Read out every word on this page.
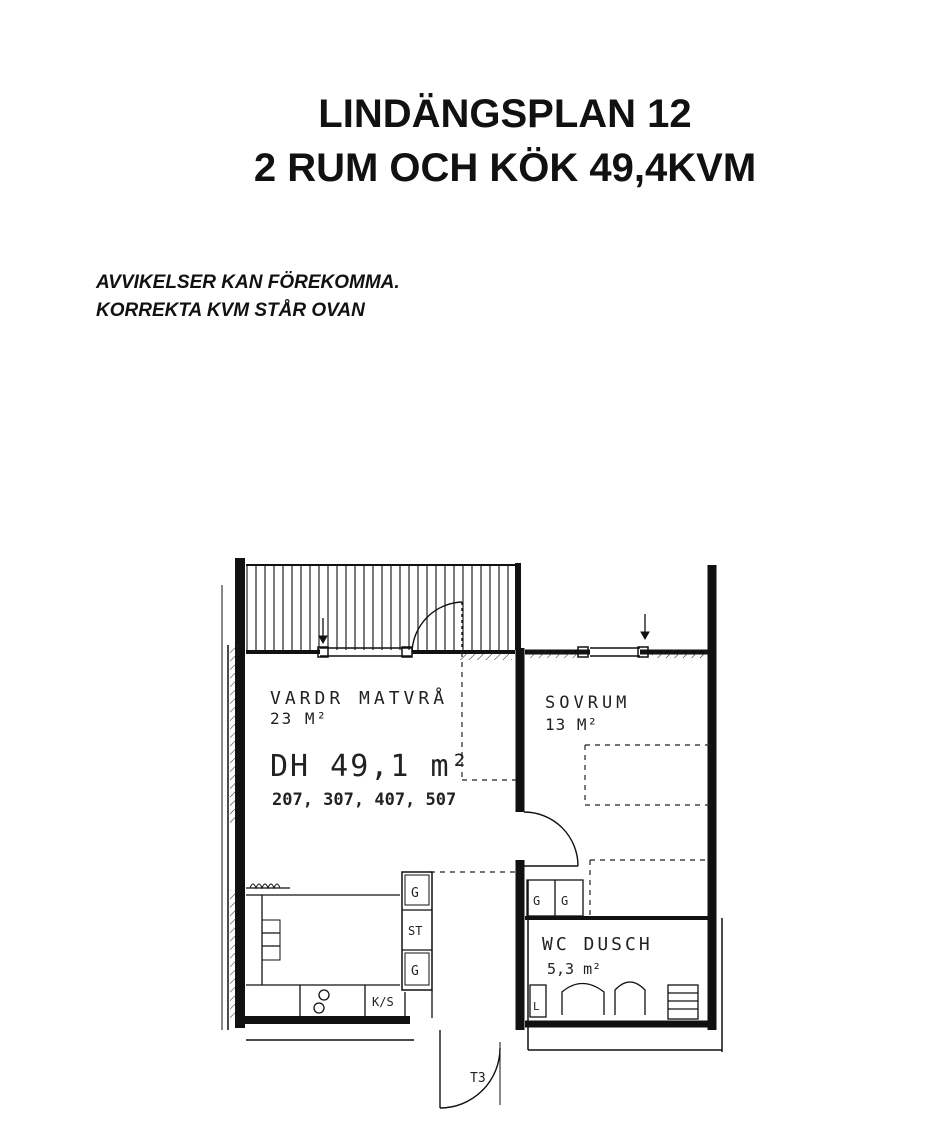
LINDÄNGSPLAN 12
2 RUM OCH KÖK 49,4KVM

AVVIKELSER KAN FÖREKOMMA.

KORREKTA KVM STÅR OVAN

VARDR MATVRÅ
23 M²
SOVRUM
13 M²
DH 49,1 m²
207, 307, 407, 507
WC DUSCH
5,3 m²
G
ST
G
G G
K/S	L
T3
